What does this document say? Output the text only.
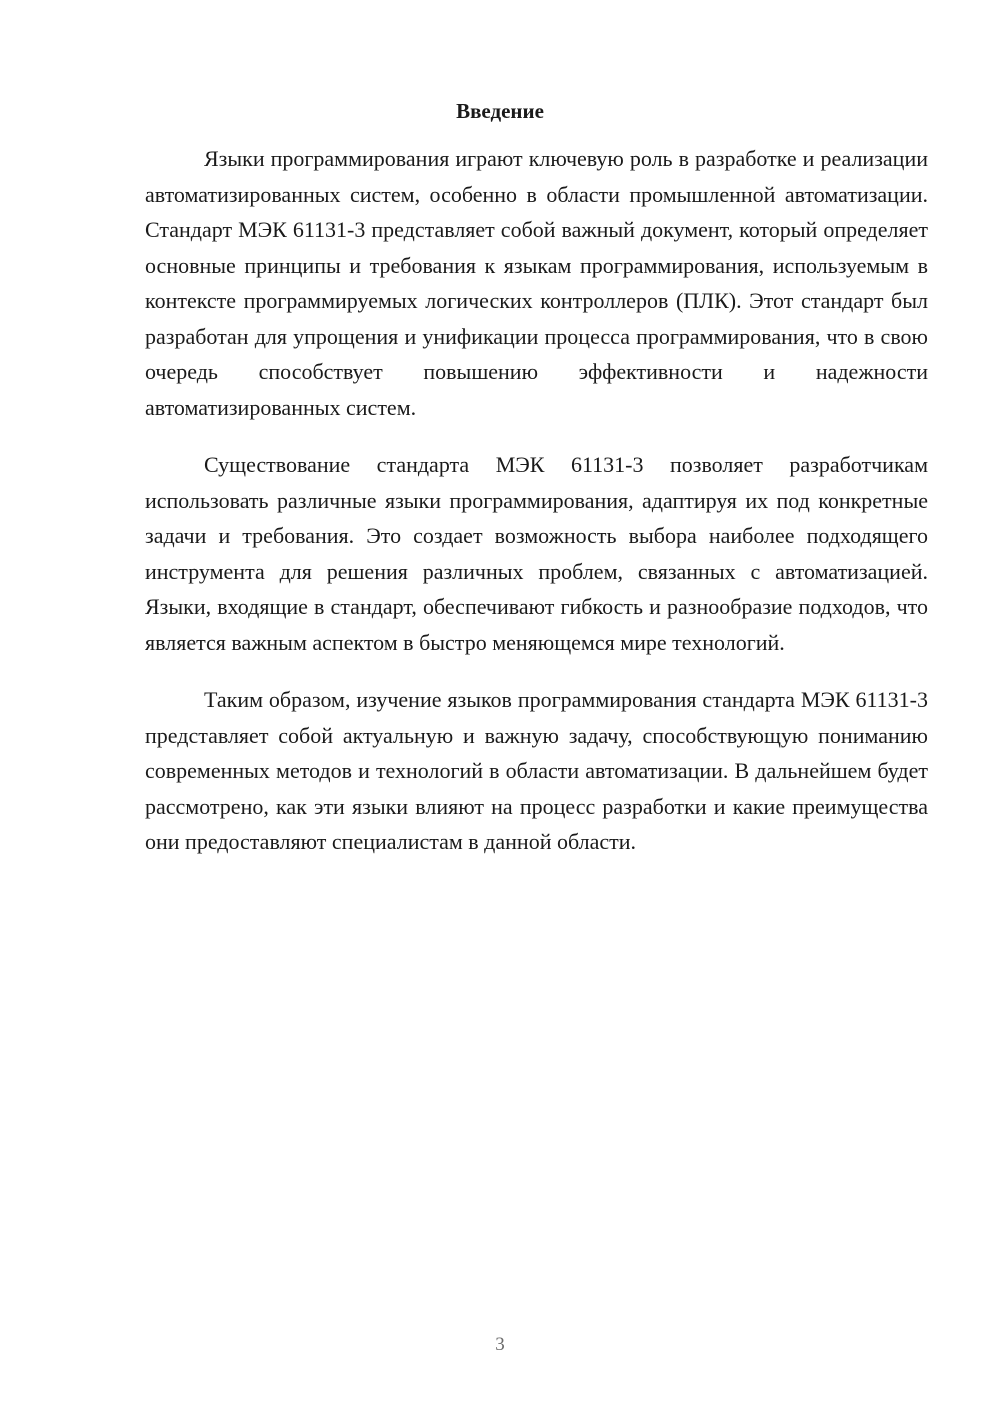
Введение

Языки программирования играют ключевую роль в разработке и реализации автоматизированных систем, особенно в области промышленной автоматизации. Стандарт МЭК 61131-3 представляет собой важный документ, который определяет основные принципы и требования к языкам программирования, используемым в контексте программируемых логических контроллеров (ПЛК). Этот стандарт был разработан для упрощения и унификации процесса программирования, что в свою очередь способствует повышению эффективности и надежности автоматизированных систем.

Существование стандарта МЭК 61131-3 позволяет разработчикам использовать различные языки программирования, адаптируя их под конкретные задачи и требования. Это создает возможность выбора наиболее подходящего инструмента для решения различных проблем, связанных с автоматизацией. Языки, входящие в стандарт, обеспечивают гибкость и разнообразие подходов, что является важным аспектом в быстро меняющемся мире технологий.

Таким образом, изучение языков программирования стандарта МЭК 61131-3 представляет собой актуальную и важную задачу, способствующую пониманию современных методов и технологий в области автоматизации. В дальнейшем будет рассмотрено, как эти языки влияют на процесс разработки и какие преимущества они предоставляют специалистам в данной области.

3
